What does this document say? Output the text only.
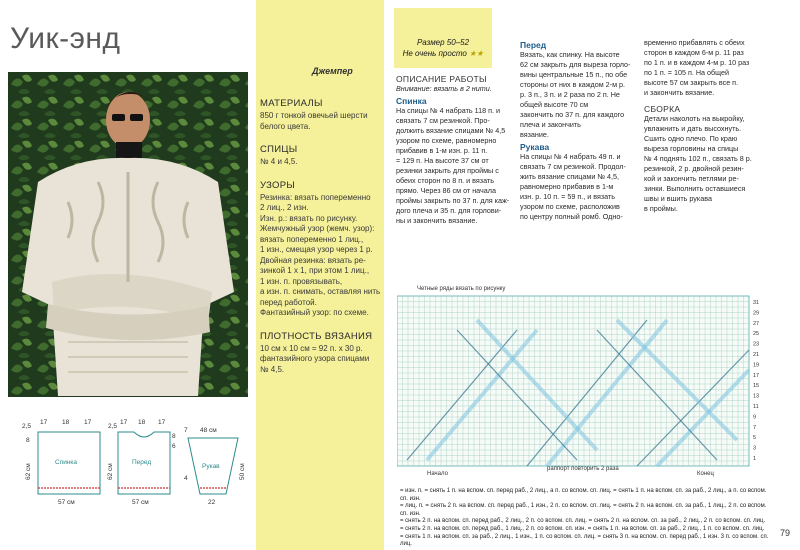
Уик-энд
Джемпер
МАТЕРИАЛЫ
850 г тонкой овечьей шерсти
белого цвета.
СПИЦЫ
№ 4 и 4,5.
УЗОРЫ
Резинка: вязать попеременно
2 лиц., 2 изн.
Изн. р.: вязать по рисунку.
Жемчужный узор (жемч. узор):
вязать попеременно 1 лиц.,
1 изн., смещая узор через 1 р.
Двойная резинка: вязать ре-
зинкой 1 х 1, при этом 1 лиц.,
1 изн. п. провязывать,
а изн. п. снимать, оставляя нить
перед работой.
Фантазийный узор: по схеме.
ПЛОТНОСТЬ ВЯЗАНИЯ
10 см х 10 см = 92 п. х 30 р.
фантазийного узора спицами
№ 4,5.
Спинка
17 18 17
2,5
8
62 см
57 см
Перед
17 18 17
2,5
8
6
62 см
57 см
Рукав
48 см
7
4	50 см
22
Размер 50–52
Не очень просто ★★
ОПИСАНИЕ РАБОТЫ
Внимание: вязать в 2 нити.
Спинка
На спицы № 4 набрать 118 п. и
связать 7 см резинкой. Про-
должить вязание спицами № 4,5
узором по схеме, равномерно
прибавив в 1-м изн. р. 11 п.
= 129 п. На высоте 37 см от
резинки закрыть для проймы с
обеих сторон по 8 п. и вязать
прямо. Через 86 см от начала
проймы закрыть по 37 п. для каж-
дого плеча и 35 п. для горлови-
ны и закончить вязание.
Перед
Вязать, как спинку. На высоте
62 см закрыть для выреза горло-
вины центральные 15 п., по обе
стороны от них в каждом 2-м р.
р. 3 п., 3 п. и 2 раза по 2 п. Не
общей высоте 70 см
закончить по 37 п. для каждого
плеча и закончить
вязание.
Рукава
На спицы № 4 набрать 49 п. и
связать 7 см резинкой. Продол-
жить вязание спицами № 4,5,
равномерно прибавив в 1-м
изн. р. 10 п. = 59 п., и вязать
узором по схеме, расположив
по центру полный ромб. Одно-
временно прибавлять с обеих
сторон в каждом 6-м р. 11 раз
по 1 п. и в каждом 4-м р. 10 раз
по 1 п. = 105 п. На общей
высоте 57 см закрыть все п.
и закончить вязание.
СБОРКА
Детали наколоть на выкройку,
увлажнить и дать высохнуть.
Сшить одно плечо. По краю
выреза горловины на спицы
№ 4 поднять 102 п., связать 8 р.
резинкой, 2 р. двойной резин-
кой и закончить петлями ре-
зинки. Выполнить оставшиеся
швы и вшить рукава
в проймы.
Четные ряды вязать по рисунку
31
29
27
25
23
21
19
17
15
13
11
9
7
5
3
1
раппорт повторить 2 раза
Начало	Конец
= изн. п. = снять 1 п. на вспом. сп. перед раб., 2 лиц., а п. со вспом. сп. лиц. = снять 1 п. на вспом. сп. за раб., 2 лиц., а п. со вспом. сп. изн.
= лиц. п. = снять 2 п. на вспом. сп. перед раб., 1 изн., 2 п. со вспом. сп. лиц. = снять 2 п. на вспом. сп. за раб., 1 лиц., 2 п. со вспом. сп. изн.
= снять 2 п. на вспом. сп. перед раб., 2 лиц., 2 п. со вспом. сп. лиц. = снять 2 п. на вспом. сп. за раб., 2 лиц., 2 п. со вспом. сп. лиц.
= снять 2 п. на вспом. сп. перед раб., 1 лиц., 2 п. со вспом. сп. изн. = снять 1 п. на вспом. сп. за раб., 2 лиц., 1 п. со вспом. сп. лиц.
= снять 1 п. на вспом. сп. за раб., 2 лиц., 1 изн., 1 п. со вспом. сп. лиц. = снять 3 п. на вспом. сп. перед раб., 1 изн. 3 п. со вспом. сп. лиц.
79
